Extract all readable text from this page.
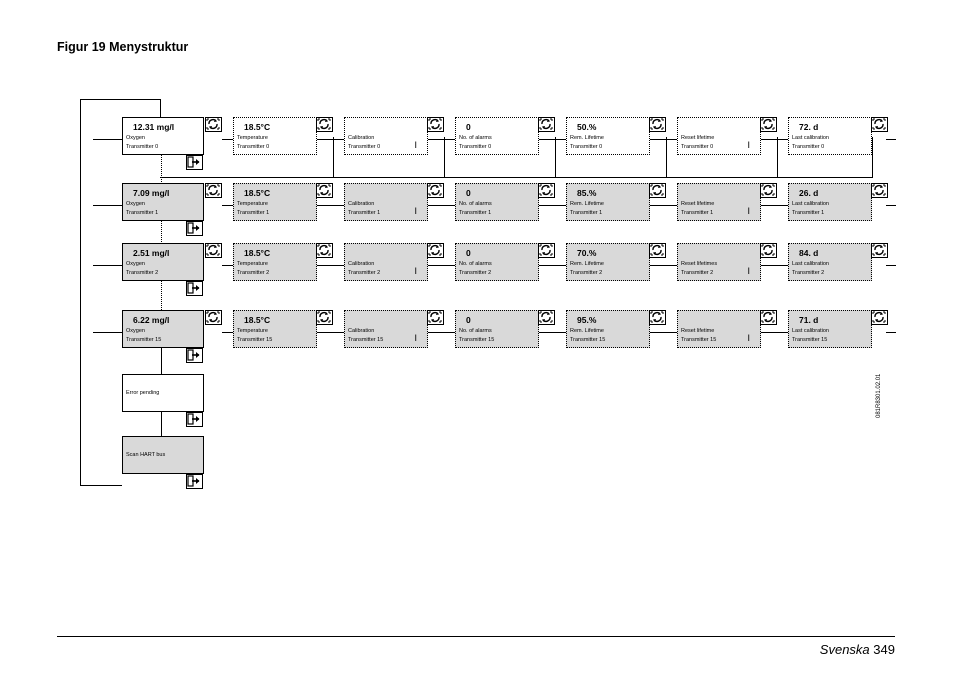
Figur 19 Menystruktur
12.31 mg/l
Oxygen
Transmitter 0
18.5°C
Temperature
Transmitter 0
Calibration
Transmitter 0	I
0
No. of alarms
Transmitter 0
50.%
Rem. Lifetime
Transmitter 0
Reset lifetime
Transmitter 0	I
72. d
Last calibration
Transmitter 0
7.09 mg/l
Oxygen
Transmitter 1
18.5°C
Temperature
Transmitter 1
Calibration
Transmitter 1	I
0
No. of alarms
Transmitter 1
85.%
Rem. Lifetime
Transmitter 1
Reset lifetime
Transmitter 1	I
26. d
Last calibration
Transmitter 1
2.51 mg/l
Oxygen
Transmitter 2
18.5°C
Temperature
Transmitter 2
Calibration
Transmitter 2	I
0
No. of alarms
Transmitter 2
70.%
Rem. Lifetime
Transmitter 2
Reset lifetimes
Transmitter 2	I
84. d
Last calibration
Transmitter 2
6.22 mg/l
Oxygen
Transmitter 15
18.5°C
Temperature
Transmitter 15
Calibration
Transmitter 15	I
0
No. of alarms
Transmitter 15
95.%
Rem. Lifetime
Transmitter 15
Reset lifetime
Transmitter 15	I
71. d
Last calibration
Transmitter 15
Error pending
Scan HART bus
081R8301.02.01
Svenska 349
